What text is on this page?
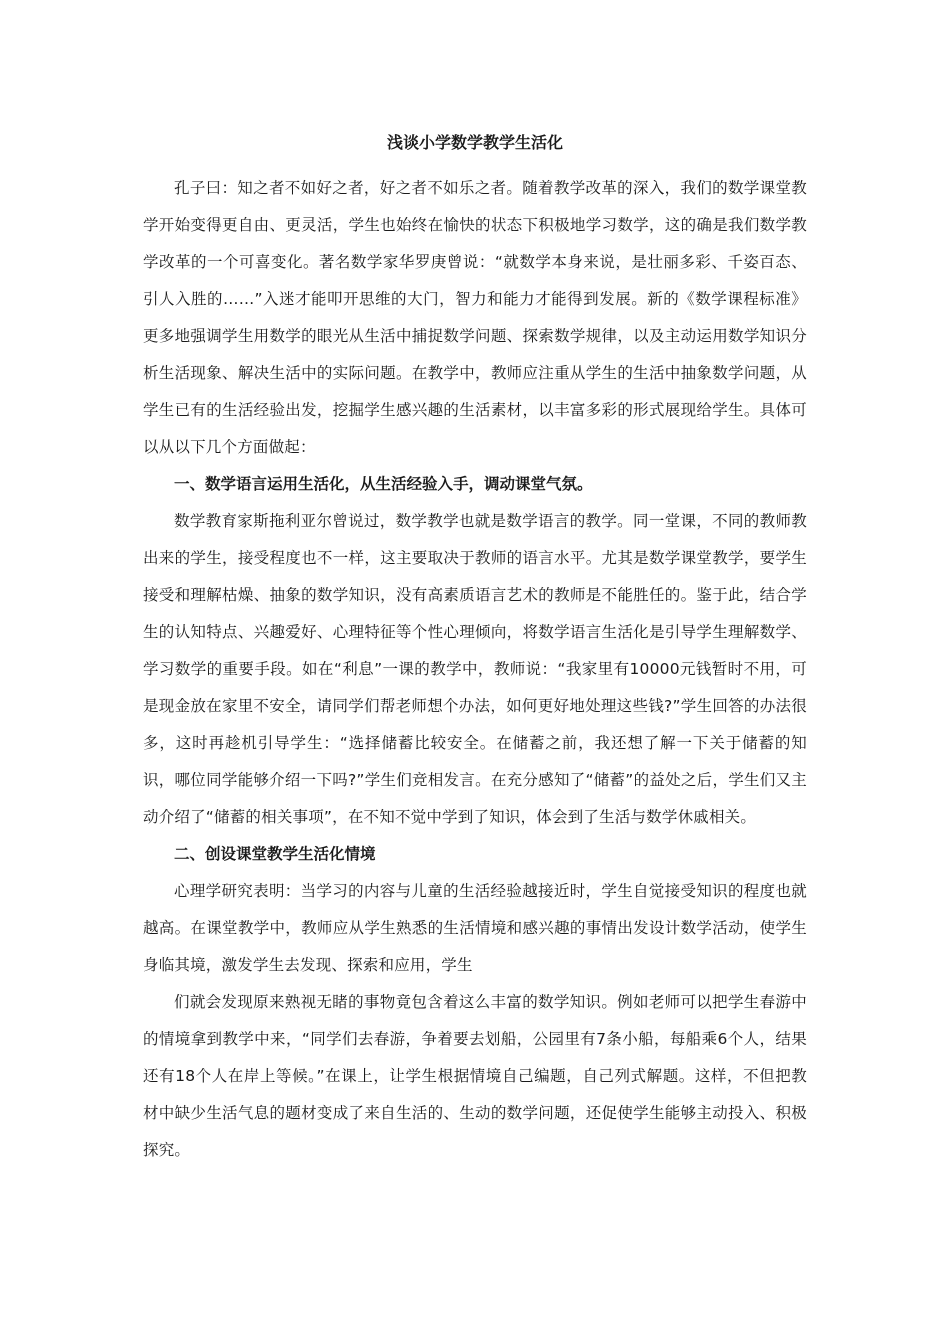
浅谈小学数学教学生活化

孔子曰：知之者不如好之者，好之者不如乐之者。随着教学改革的深入，我们的数学课堂教学开始变得更自由、更灵活，学生也始终在愉快的状态下积极地学习数学，这的确是我们数学教学改革的一个可喜变化。著名数学家华罗庚曾说：“就数学本身来说，是壮丽多彩、千姿百态、引人入胜的……”入迷才能叩开思维的大门，智力和能力才能得到发展。新的《数学课程标准》更多地强调学生用数学的眼光从生活中捕捉数学问题、探索数学规律，以及主动运用数学知识分析生活现象、解决生活中的实际问题。在教学中，教师应注重从学生的生活中抽象数学问题，从学生已有的生活经验出发，挖掘学生感兴趣的生活素材，以丰富多彩的形式展现给学生。具体可以从以下几个方面做起：

一、数学语言运用生活化，从生活经验入手，调动课堂气氛。

数学教育家斯拖利亚尔曾说过，数学教学也就是数学语言的教学。同一堂课，不同的教师教出来的学生，接受程度也不一样，这主要取决于教师的语言水平。尤其是数学课堂教学，要学生接受和理解枯燥、抽象的数学知识，没有高素质语言艺术的教师是不能胜任的。鉴于此，结合学生的认知特点、兴趣爱好、心理特征等个性心理倾向，将数学语言生活化是引导学生理解数学、学习数学的重要手段。如在“利息”一课的教学中，教师说：“我家里有10000元钱暂时不用，可是现金放在家里不安全，请同学们帮老师想个办法，如何更好地处理这些钱?”学生回答的办法很多，这时再趁机引导学生：“选择储蓄比较安全。在储蓄之前，我还想了解一下关于储蓄的知识，哪位同学能够介绍一下吗?”学生们竞相发言。在充分感知了“储蓄”的益处之后，学生们又主动介绍了“储蓄的相关事项”，在不知不觉中学到了知识，体会到了生活与数学休戚相关。

二、创设课堂教学生活化情境

心理学研究表明：当学习的内容与儿童的生活经验越接近时，学生自觉接受知识的程度也就越高。在课堂教学中，教师应从学生熟悉的生活情境和感兴趣的事情出发设计数学活动，使学生身临其境，激发学生去发现、探索和应用，学生

们就会发现原来熟视无睹的事物竟包含着这么丰富的数学知识。例如老师可以把学生春游中的情境拿到教学中来，“同学们去春游，争着要去划船，公园里有7条小船，每船乘6个人，结果还有18个人在岸上等候。”在课上，让学生根据情境自己编题，自己列式解题。这样，不但把教材中缺少生活气息的题材变成了来自生活的、生动的数学问题，还促使学生能够主动投入、积极探究。
